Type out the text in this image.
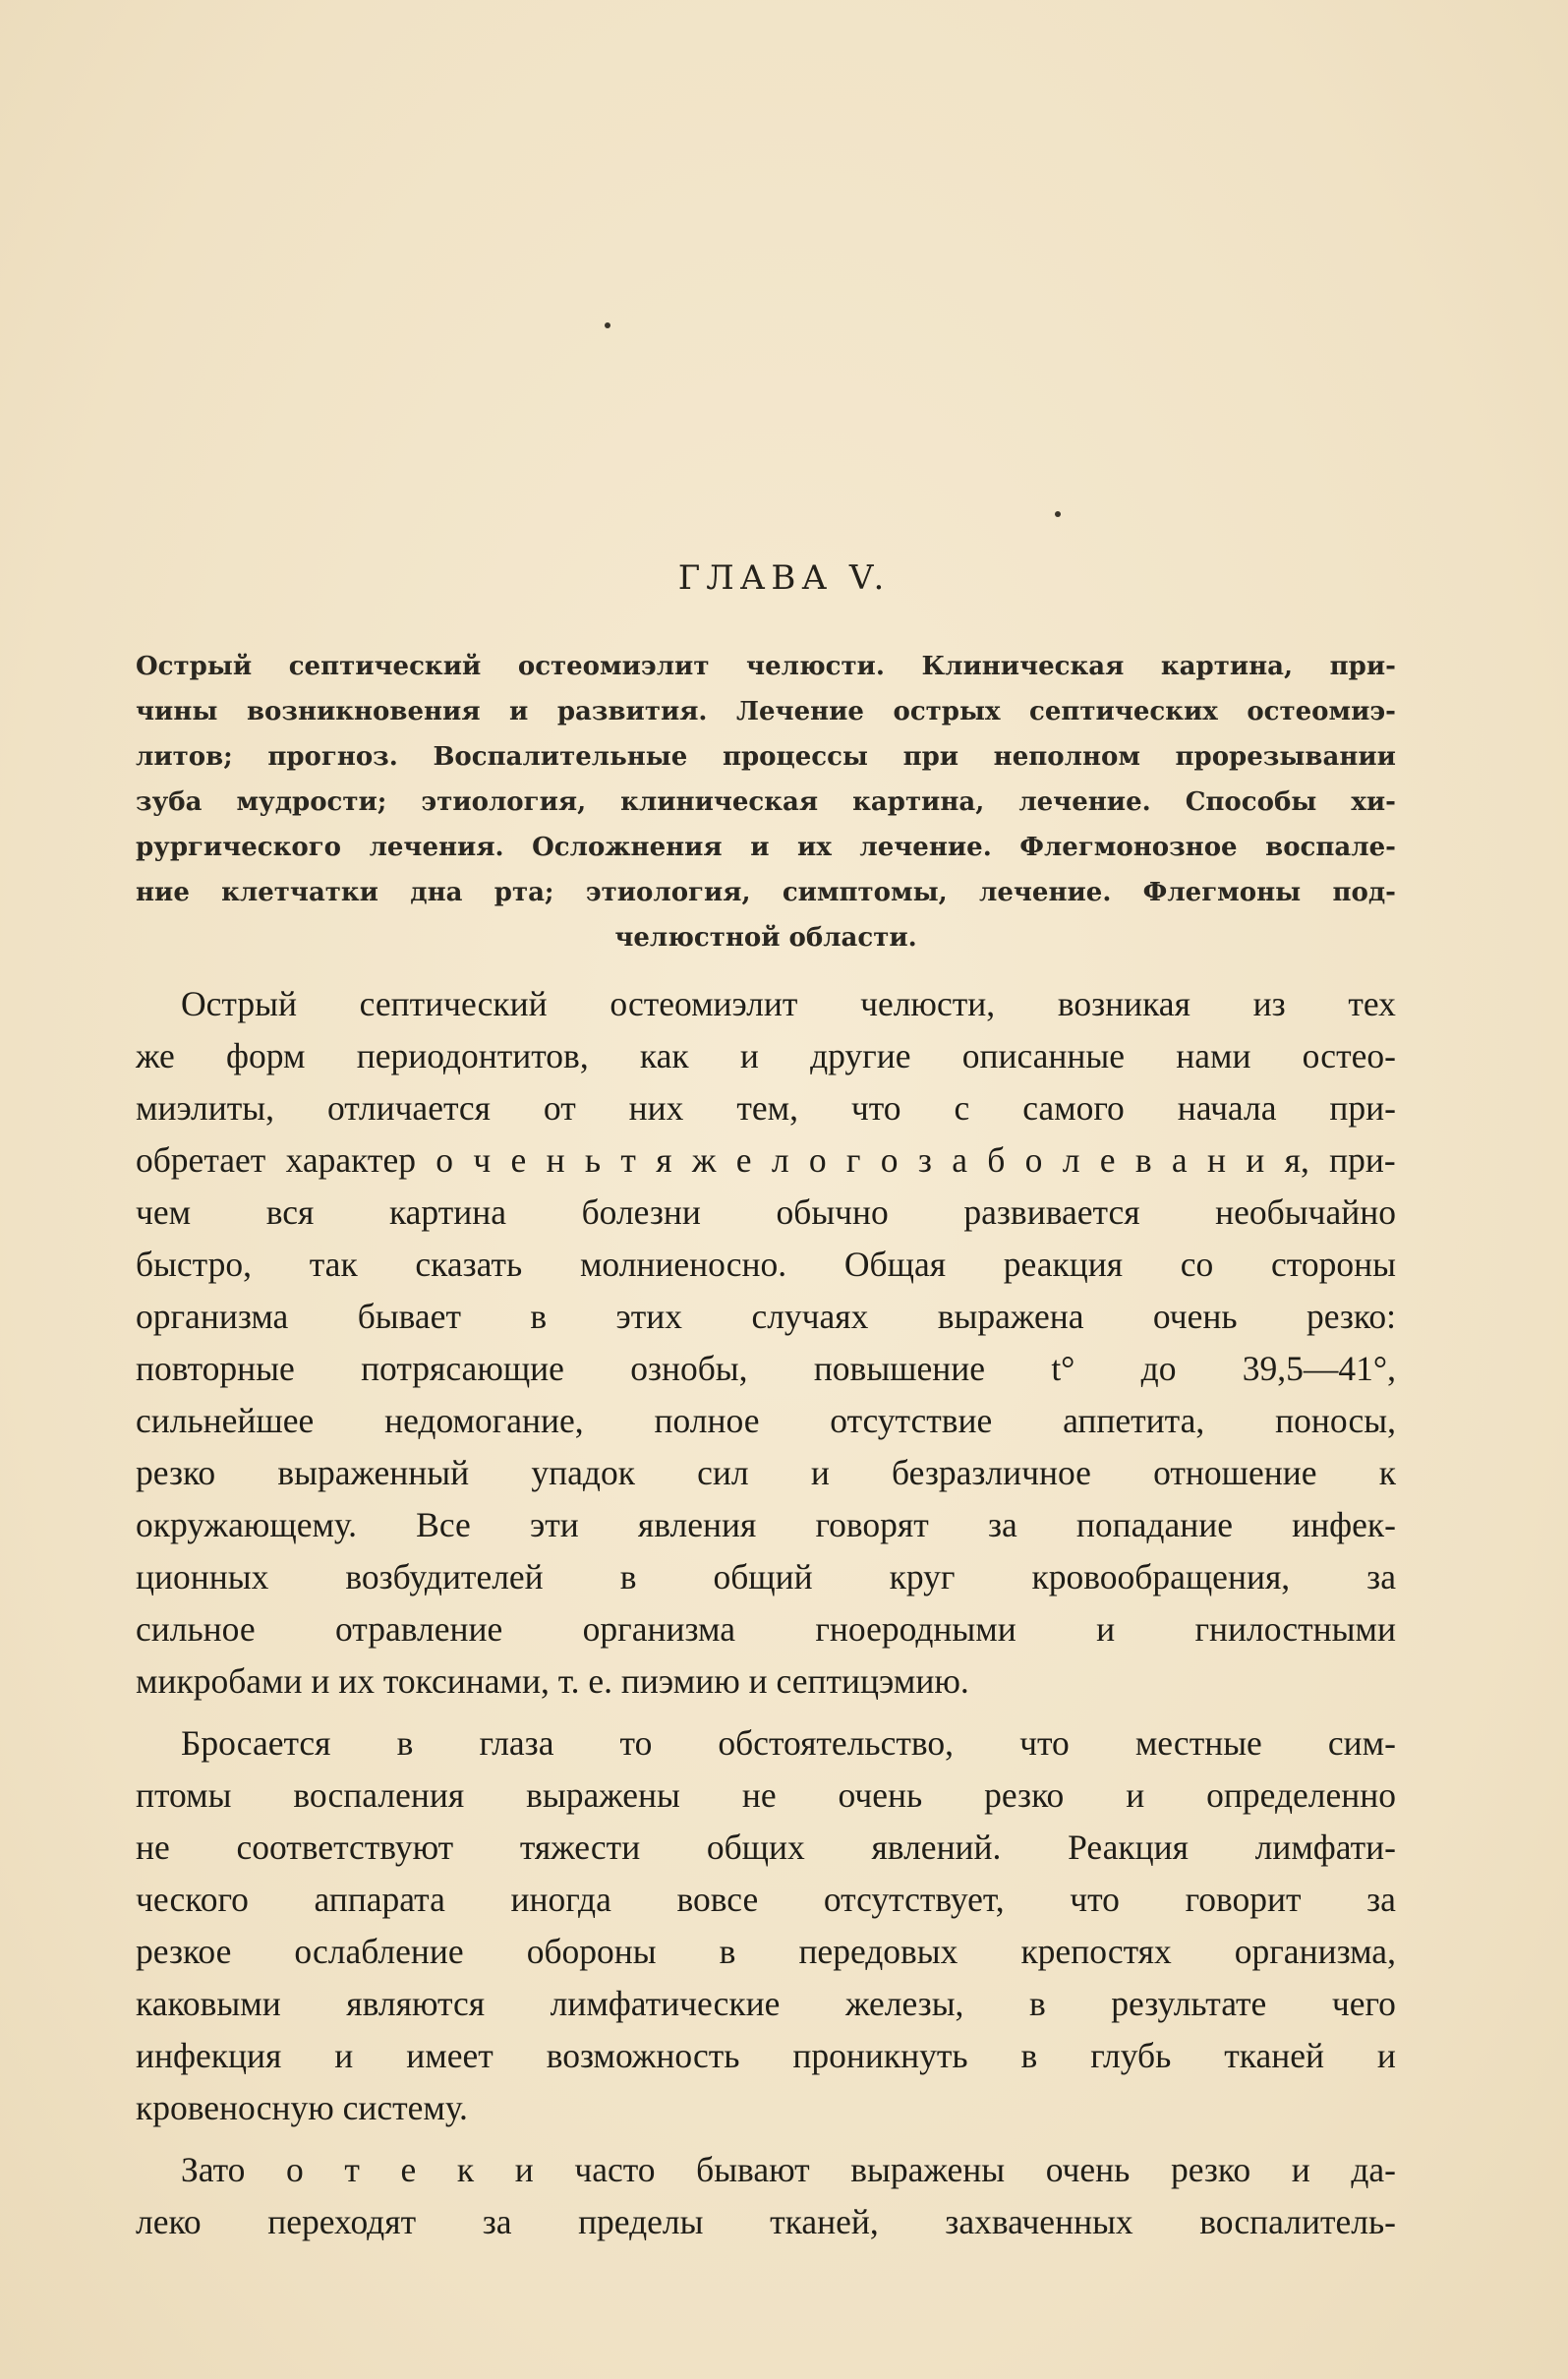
ГЛАВА V.
Острый септический остеомиэлит челюсти. Клиническая картина, при-
чины возникновения и развития. Лечение острых септических остеомиэ-
литов; прогноз. Воспалительные процессы при неполном прорезывании
зуба мудрости; этиология, клиническая картина, лечение. Способы хи-
рургического лечения. Осложнения и их лечение. Флегмонозное воспале-
ние клетчатки дна рта; этиология, симптомы, лечение. Флегмоны под-
челюстной области.
Острый септический остеомиэлит челюсти, возникая из тех
же форм периодонтитов, как и другие описанные нами остео-
миэлиты, отличается от них тем, что с самого начала при-
обретает характер о ч е н ь т я ж е л о г о з а б о л е в а н и я, при-
чем вся картина болезни обычно развивается необычайно
быстро, так сказать молниеносно. Общая реакция со стороны
организма бывает в этих случаях выражена очень резко:
повторные потрясающие ознобы, повышение t° до 39,5—41°,
сильнейшее недомогание, полное отсутствие аппетита, поносы,
резко выраженный упадок сил и безразличное отношение к
окружающему. Все эти явления говорят за попадание инфек-
ционных возбудителей в общий круг кровообращения, за
сильное отравление организма гноеродными и гнилостными
микробами и их токсинами, т. е. пиэмию и септицэмию.
Бросается в глаза то обстоятельство, что местные сим-
птомы воспаления выражены не очень резко и определенно
не соответствуют тяжести общих явлений. Реакция лимфати-
ческого аппарата иногда вовсе отсутствует, что говорит за
резкое ослабление обороны в передовых крепостях организма,
каковыми являются лимфатические железы, в результате чего
инфекция и имеет возможность проникнуть в глубь тканей и
кровеносную систему.
Зато о т е к и часто бывают выражены очень резко и да-
леко переходят за пределы тканей, захваченных воспалитель-
